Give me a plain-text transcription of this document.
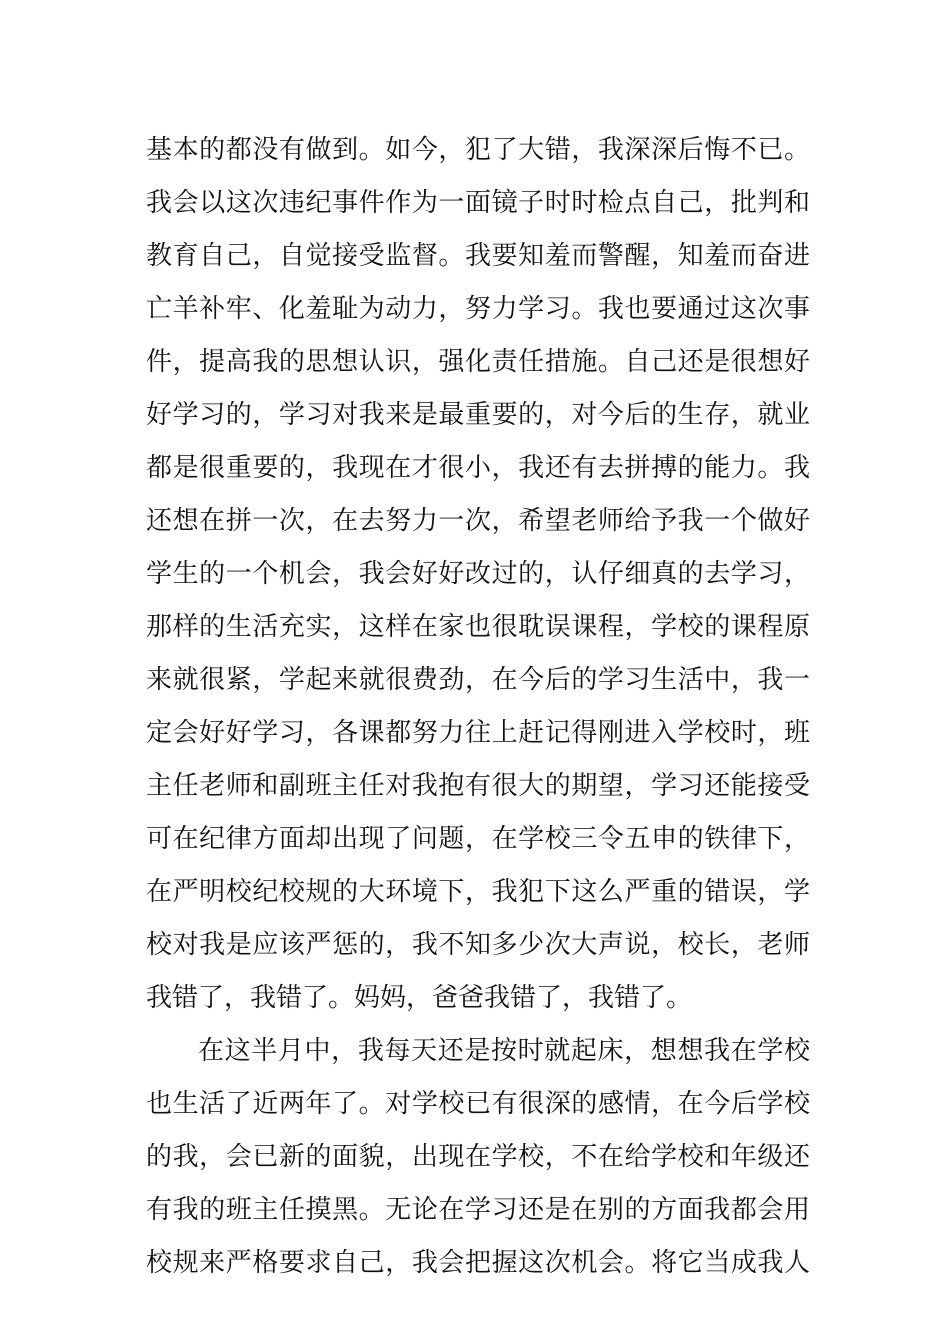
基本的都没有做到。如今，犯了大错，我深深后悔不已。
我会以这次违纪事件作为一面镜子时时检点自己，批判和
教育自己，自觉接受监督。我要知羞而警醒，知羞而奋进
亡羊补牢、化羞耻为动力，努力学习。我也要通过这次事
件，提高我的思想认识，强化责任措施。自己还是很想好
好学习的，学习对我来是最重要的，对今后的生存，就业
都是很重要的，我现在才很小，我还有去拼搏的能力。我
还想在拼一次，在去努力一次，希望老师给予我一个做好
学生的一个机会，我会好好改过的，认仔细真的去学习，
那样的生活充实，这样在家也很耽误课程，学校的课程原
来就很紧，学起来就很费劲，在今后的学习生活中，我一
定会好好学习，各课都努力往上赶记得刚进入学校时，班
主任老师和副班主任对我抱有很大的期望，学习还能接受
可在纪律方面却出现了问题，在学校三令五申的铁律下，
在严明校纪校规的大环境下，我犯下这么严重的错误，学
校对我是应该严惩的，我不知多少次大声说，校长，老师
我错了，我错了。妈妈，爸爸我错了，我错了。
在这半月中，我每天还是按时就起床，想想我在学校
也生活了近两年了。对学校已有很深的感情，在今后学校
的我，会已新的面貌，出现在学校，不在给学校和年级还
有我的班主任摸黑。无论在学习还是在别的方面我都会用
校规来严格要求自己，我会把握这次机会。将它当成我人
